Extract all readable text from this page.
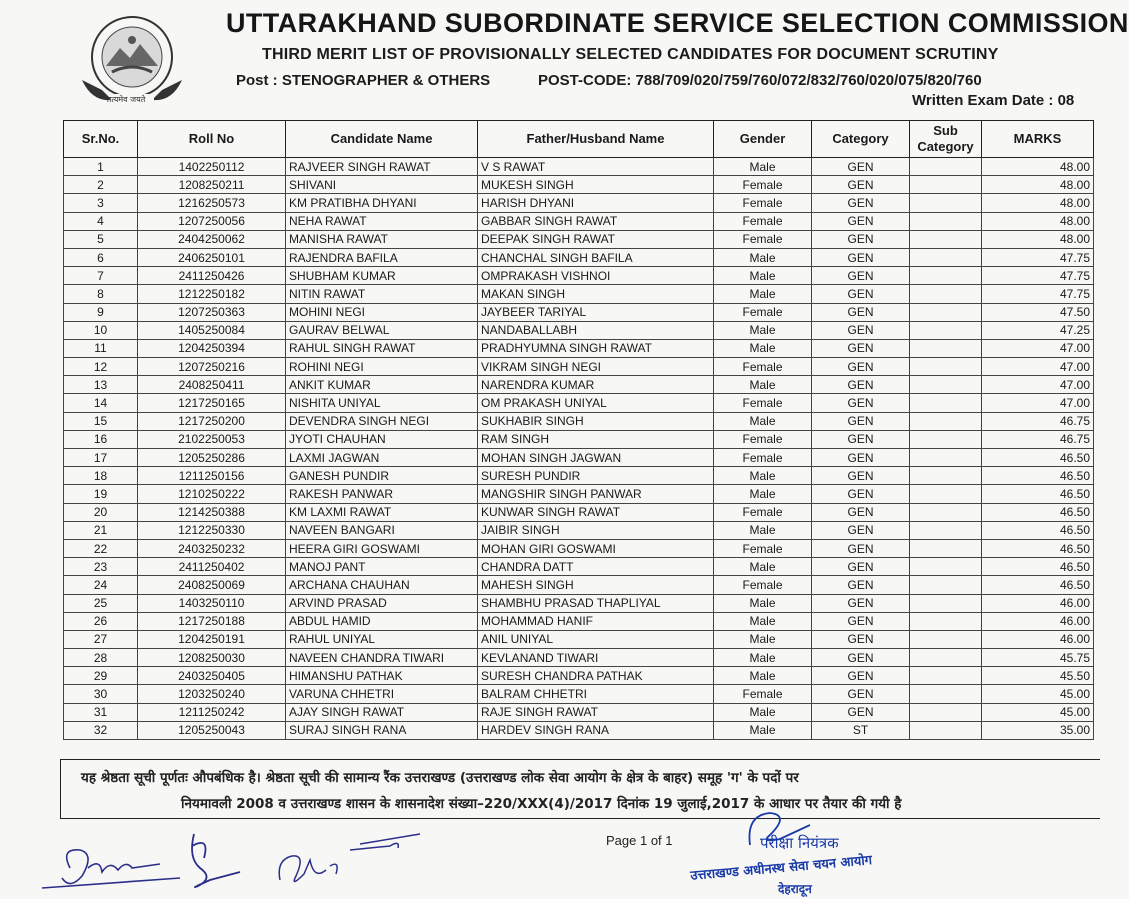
सत्यमेव जयते
UTTARAKHAND SUBORDINATE SERVICE SELECTION COMMISSION
THIRD MERIT LIST OF PROVISIONALLY SELECTED CANDIDATES FOR DOCUMENT SCRUTINY
Post : STENOGRAPHER & OTHERS	POST-CODE: 788/709/020/759/760/072/832/760/020/075/820/760
Written Exam Date : 08
Sr.No.	Roll No	Candidate Name	Father/Husband Name	Gender	Category	Sub Category	MARKS
1	1402250112	RAJVEER SINGH RAWAT	V S RAWAT	Male	GEN		48.00
2	1208250211	SHIVANI	MUKESH SINGH	Female	GEN		48.00
3	1216250573	KM PRATIBHA DHYANI	HARISH DHYANI	Female	GEN		48.00
4	1207250056	NEHA RAWAT	GABBAR SINGH RAWAT	Female	GEN		48.00
5	2404250062	MANISHA RAWAT	DEEPAK SINGH RAWAT	Female	GEN		48.00
6	2406250101	RAJENDRA BAFILA	CHANCHAL SINGH BAFILA	Male	GEN		47.75
7	2411250426	SHUBHAM KUMAR	OMPRAKASH VISHNOI	Male	GEN		47.75
8	1212250182	NITIN RAWAT	MAKAN SINGH	Male	GEN		47.75
9	1207250363	MOHINI NEGI	JAYBEER TARIYAL	Female	GEN		47.50
10	1405250084	GAURAV BELWAL	NANDABALLABH	Male	GEN		47.25
11	1204250394	RAHUL SINGH RAWAT	PRADHYUMNA SINGH RAWAT	Male	GEN		47.00
12	1207250216	ROHINI NEGI	VIKRAM SINGH NEGI	Female	GEN		47.00
13	2408250411	ANKIT KUMAR	NARENDRA KUMAR	Male	GEN		47.00
14	1217250165	NISHITA UNIYAL	OM PRAKASH UNIYAL	Female	GEN		47.00
15	1217250200	DEVENDRA SINGH NEGI	SUKHABIR SINGH	Male	GEN		46.75
16	2102250053	JYOTI CHAUHAN	RAM SINGH	Female	GEN		46.75
17	1205250286	LAXMI JAGWAN	MOHAN SINGH JAGWAN	Female	GEN		46.50
18	1211250156	GANESH PUNDIR	SURESH PUNDIR	Male	GEN		46.50
19	1210250222	RAKESH PANWAR	MANGSHIR SINGH PANWAR	Male	GEN		46.50
20	1214250388	KM LAXMI RAWAT	KUNWAR SINGH RAWAT	Female	GEN		46.50
21	1212250330	NAVEEN BANGARI	JAIBIR SINGH	Male	GEN		46.50
22	2403250232	HEERA GIRI GOSWAMI	MOHAN GIRI GOSWAMI	Female	GEN		46.50
23	2411250402	MANOJ PANT	CHANDRA DATT	Male	GEN		46.50
24	2408250069	ARCHANA CHAUHAN	MAHESH SINGH	Female	GEN		46.50
25	1403250110	ARVIND PRASAD	SHAMBHU PRASAD THAPLIYAL	Male	GEN		46.00
26	1217250188	ABDUL HAMID	MOHAMMAD HANIF	Male	GEN		46.00
27	1204250191	RAHUL UNIYAL	ANIL UNIYAL	Male	GEN		46.00
28	1208250030	NAVEEN CHANDRA TIWARI	KEVLANAND TIWARI	Male	GEN		45.75
29	2403250405	HIMANSHU PATHAK	SURESH CHANDRA PATHAK	Male	GEN		45.50
30	1203250240	VARUNA CHHETRI	BALRAM CHHETRI	Female	GEN		45.00
31	1211250242	AJAY SINGH RAWAT	RAJE SINGH RAWAT	Male	GEN		45.00
32	1205250043	SURAJ SINGH RANA	HARDEV SINGH RANA	Male	ST		35.00
यह श्रेष्ठता सूची पूर्णतः औपबंधिक है। श्रेष्ठता सूची की सामान्य रैंक उत्तराखण्ड (उत्तराखण्ड लोक सेवा आयोग के क्षेत्र के बाहर) समूह 'ग' के पदों पर
नियमावली 2008 व उत्तराखण्ड शासन के शासनादेश संख्या–220/XXX(4)/2017 दिनांक 19 जुलाई,2017 के आधार पर तैयार की गयी है
Page 1 of 1	परीक्षा नियंत्रक
उत्तराखण्ड अधीनस्थ सेवा चयन आयोग
देहरादून
